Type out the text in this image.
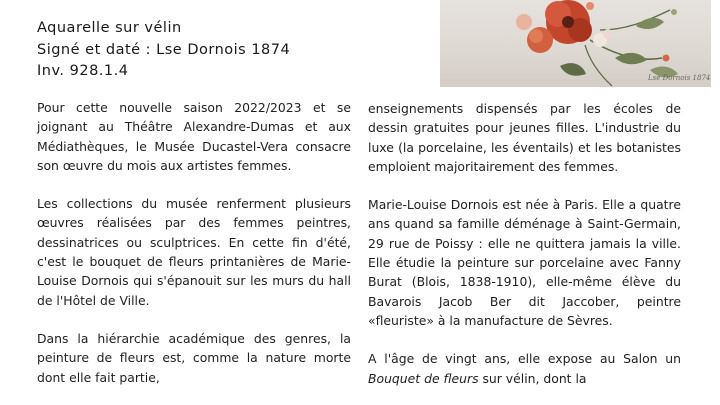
Aquarelle sur vélin
Signé et daté : Lse Dornois 1874
Inv. 928.1.4	Lse Dornois 1874

Pour cette nouvelle saison 2022/2023 et se joignant au Théâtre Alexandre-Dumas et aux Médiathèques, le Musée Ducastel-Vera consacre son œuvre du mois aux artistes femmes.

Les collections du musée renferment plusieurs œuvres réalisées par des femmes peintres, dessinatrices ou sculptrices. En cette fin d'été, c'est le bouquet de fleurs printanières de Marie-Louise Dornois qui s'épanouit sur les murs du hall de l'Hôtel de Ville.

Dans la hiérarchie académique des genres, la peinture de fleurs est, comme la nature morte dont elle fait partie,

enseignements dispensés par les écoles de dessin gratuites pour jeunes filles. L'industrie du luxe (la porcelaine, les éventails) et les botanistes emploient majoritairement des femmes.

Marie-Louise Dornois est née à Paris. Elle a quatre ans quand sa famille déménage à Saint-Germain, 29 rue de Poissy : elle ne quittera jamais la ville. Elle étudie la peinture sur porcelaine avec Fanny Burat (Blois, 1838-1910), elle-même élève du Bavarois Jacob Ber dit Jaccober, peintre «fleuriste» à la manufacture de Sèvres.

A l'âge de vingt ans, elle expose au Salon un Bouquet de fleurs sur vélin, dont la
